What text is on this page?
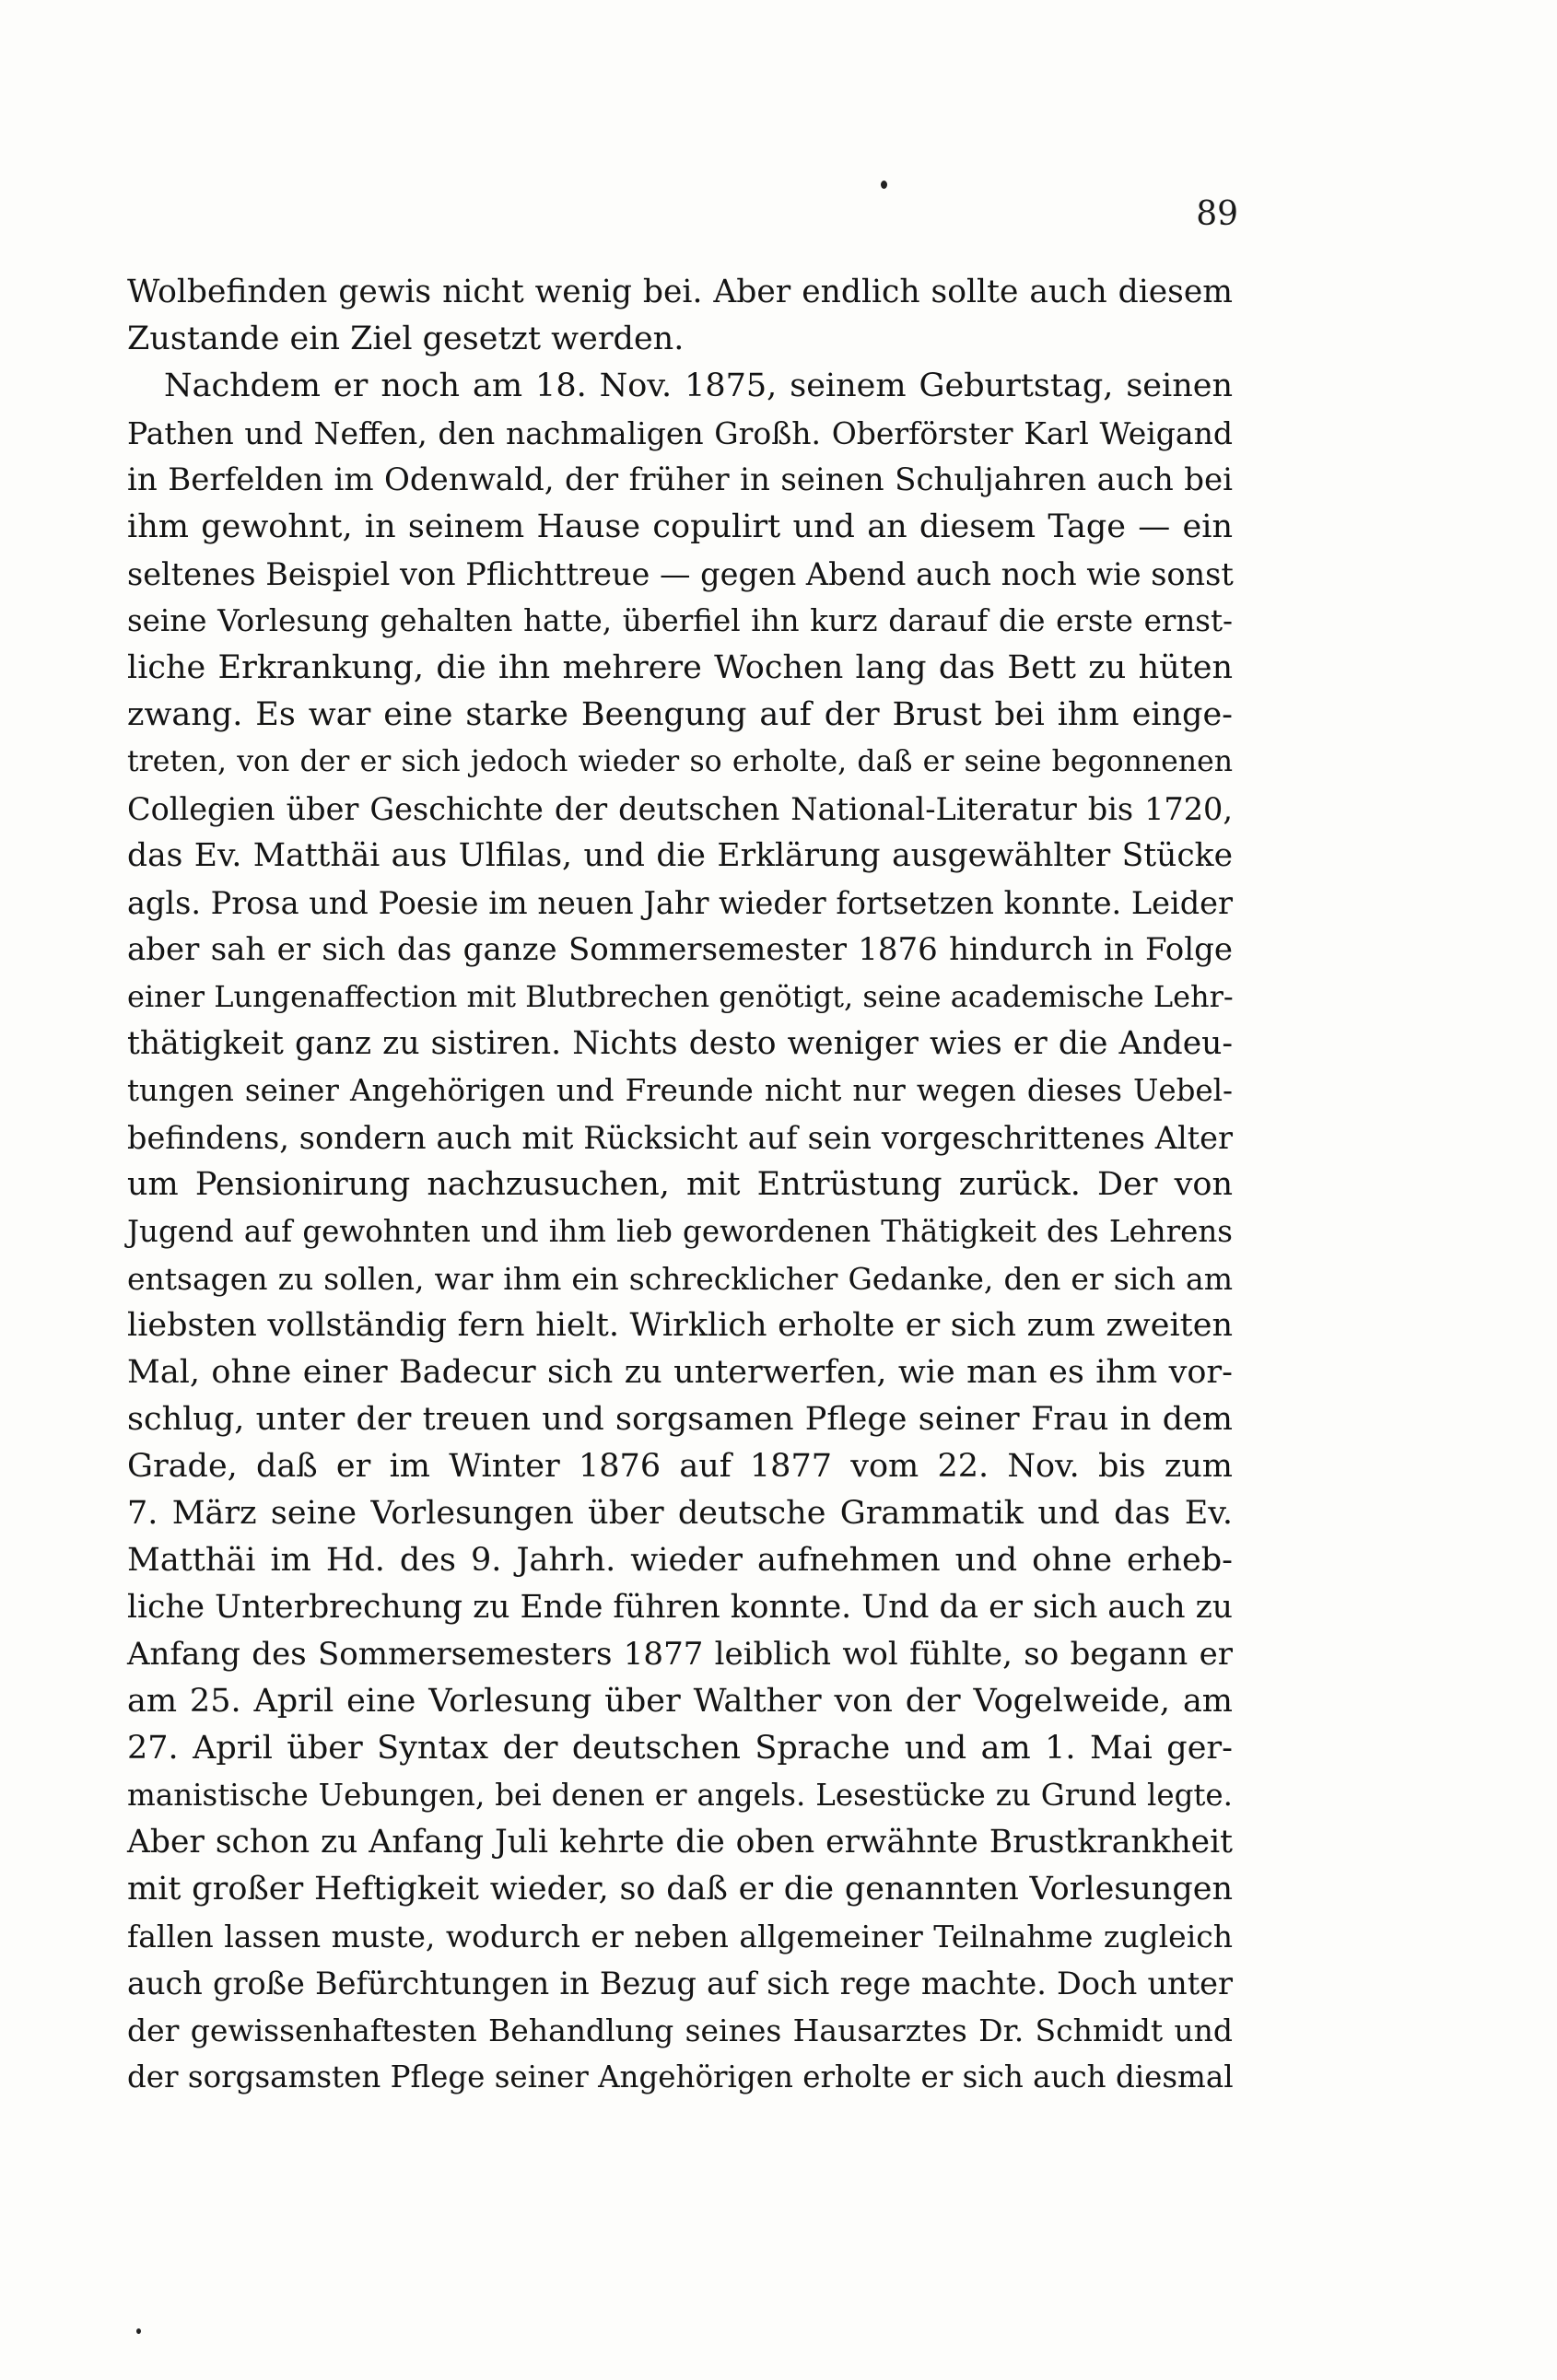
89
Wolbefinden gewis nicht wenig bei. Aber endlich sollte auch diesem
Zustande ein Ziel gesetzt werden.
Nachdem er noch am 18. Nov. 1875, seinem Geburtstag, seinen
Pathen und Neffen, den nachmaligen Großh. Oberförster Karl Weigand
in Berfelden im Odenwald, der früher in seinen Schuljahren auch bei
ihm gewohnt, in seinem Hause copulirt und an diesem Tage — ein
seltenes Beispiel von Pflichttreue — gegen Abend auch noch wie sonst
seine Vorlesung gehalten hatte, überfiel ihn kurz darauf die erste ernst-
liche Erkrankung, die ihn mehrere Wochen lang das Bett zu hüten
zwang. Es war eine starke Beengung auf der Brust bei ihm einge-
treten, von der er sich jedoch wieder so erholte, daß er seine begonnenen
Collegien über Geschichte der deutschen National-Literatur bis 1720,
das Ev. Matthäi aus Ulfilas, und die Erklärung ausgewählter Stücke
agls. Prosa und Poesie im neuen Jahr wieder fortsetzen konnte. Leider
aber sah er sich das ganze Sommersemester 1876 hindurch in Folge
einer Lungenaffection mit Blutbrechen genötigt, seine academische Lehr-
thätigkeit ganz zu sistiren. Nichts desto weniger wies er die Andeu-
tungen seiner Angehörigen und Freunde nicht nur wegen dieses Uebel-
befindens, sondern auch mit Rücksicht auf sein vorgeschrittenes Alter
um Pensionirung nachzusuchen, mit Entrüstung zurück. Der von
Jugend auf gewohnten und ihm lieb gewordenen Thätigkeit des Lehrens
entsagen zu sollen, war ihm ein schrecklicher Gedanke, den er sich am
liebsten vollständig fern hielt. Wirklich erholte er sich zum zweiten
Mal, ohne einer Badecur sich zu unterwerfen, wie man es ihm vor-
schlug, unter der treuen und sorgsamen Pflege seiner Frau in dem
Grade, daß er im Winter 1876 auf 1877 vom 22. Nov. bis zum
7. März seine Vorlesungen über deutsche Grammatik und das Ev.
Matthäi im Hd. des 9. Jahrh. wieder aufnehmen und ohne erheb-
liche Unterbrechung zu Ende führen konnte. Und da er sich auch zu
Anfang des Sommersemesters 1877 leiblich wol fühlte, so begann er
am 25. April eine Vorlesung über Walther von der Vogelweide, am
27. April über Syntax der deutschen Sprache und am 1. Mai ger-
manistische Uebungen, bei denen er angels. Lesestücke zu Grund legte.
Aber schon zu Anfang Juli kehrte die oben erwähnte Brustkrankheit
mit großer Heftigkeit wieder, so daß er die genannten Vorlesungen
fallen lassen muste, wodurch er neben allgemeiner Teilnahme zugleich
auch große Befürchtungen in Bezug auf sich rege machte. Doch unter
der gewissenhaftesten Behandlung seines Hausarztes Dr. Schmidt und
der sorgsamsten Pflege seiner Angehörigen erholte er sich auch diesmal
